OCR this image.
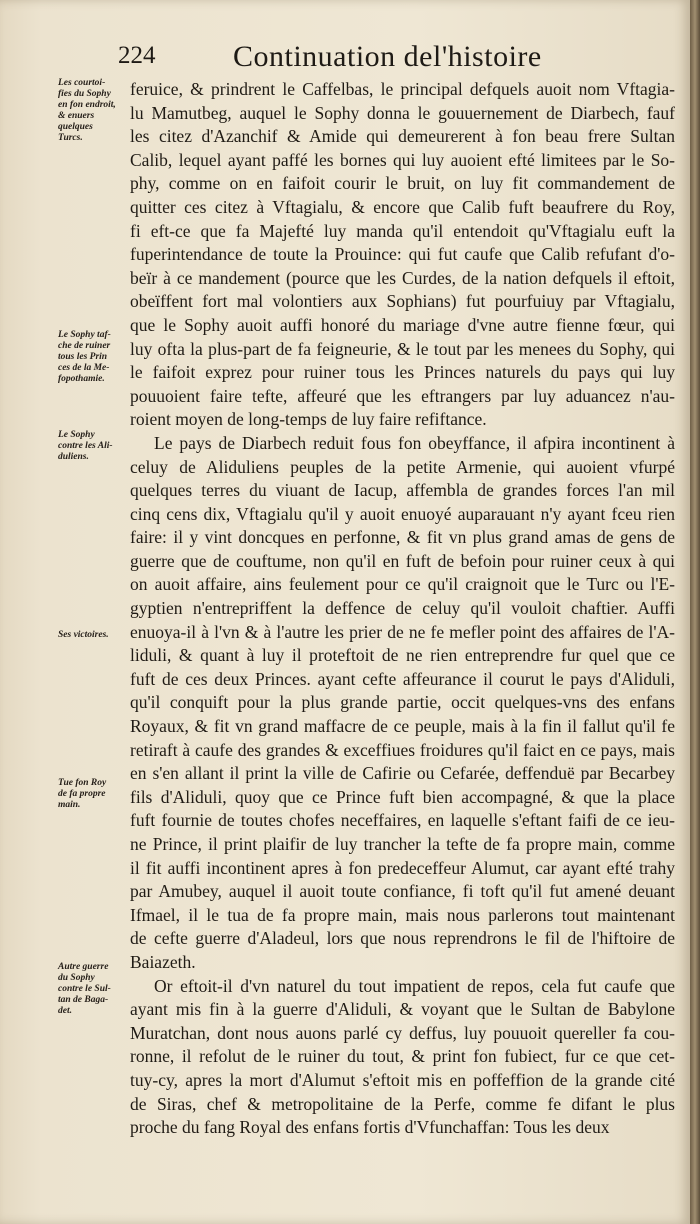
224	Continuation del'histoire
feruice, & prindrent le Caffelbas, le principal defquels auoit nom Vftagia-
lu Mamutbeg, auquel le Sophy donna le gouuernement de Diarbech, fauf
les citez d'Azanchif & Amide qui demeurerent à fon beau frere Sultan
Calib, lequel ayant paffé les bornes qui luy auoient efté limitees par le So-
phy, comme on en faifoit courir le bruit, on luy fit commandement de
quitter ces citez à Vftagialu, & encore que Calib fuft beaufrere du Roy,
fi eft-ce que fa Majefté luy manda qu'il entendoit qu'Vftagialu euft la
fuperintendance de toute la Prouince: qui fut caufe que Calib refufant d'o-
beïr à ce mandement (pource que les Curdes, de la nation defquels il eftoit,
obeïffent fort mal volontiers aux Sophians) fut pourfuiuy par Vftagialu,
que le Sophy auoit auffi honoré du mariage d'vne autre fienne fœur, qui
luy ofta la plus-part de fa feigneurie, & le tout par les menees du Sophy, qui
le faifoit exprez pour ruiner tous les Princes naturels du pays qui luy
pouuoient faire tefte, affeuré que les eftrangers par luy aduancez n'au-
roient moyen de long-temps de luy faire refiftance.
Le pays de Diarbech reduit fous fon obeyffance, il afpira incontinent à
celuy de Aliduliens peuples de la petite Armenie, qui auoient vfurpé
quelques terres du viuant de Iacup, affembla de grandes forces l'an mil
cinq cens dix, Vftagialu qu'il y auoit enuoyé auparauant n'y ayant fceu rien
faire: il y vint doncques en perfonne, & fit vn plus grand amas de gens de
guerre que de couftume, non qu'il en fuft de befoin pour ruiner ceux à qui
on auoit affaire, ains feulement pour ce qu'il craignoit que le Turc ou l'E-
gyptien n'entrepriffent la deffence de celuy qu'il vouloit chaftier. Auffi
enuoya-il à l'vn & à l'autre les prier de ne fe mefler point des affaires de l'A-
liduli, & quant à luy il proteftoit de ne rien entreprendre fur quel que ce
fuft de ces deux Princes. ayant cefte affeurance il courut le pays d'Aliduli,
qu'il conquift pour la plus grande partie, occit quelques-vns des enfans
Royaux, & fit vn grand maffacre de ce peuple, mais à la fin il fallut qu'il fe
retiraft à caufe des grandes & exceffiues froidures qu'il faict en ce pays, mais
en s'en allant il print la ville de Cafirie ou Cefarée, deffenduë par Becarbey
fils d'Aliduli, quoy que ce Prince fuft bien accompagné, & que la place
fuft fournie de toutes chofes neceffaires, en laquelle s'eftant faifi de ce ieu-
ne Prince, il print plaifir de luy trancher la tefte de fa propre main, comme
il fit auffi incontinent apres à fon predeceffeur Alumut, car ayant efté trahy
par Amubey, auquel il auoit toute confiance, fi toft qu'il fut amené deuant
Ifmael, il le tua de fa propre main, mais nous parlerons tout maintenant
de cefte guerre d'Aladeul, lors que nous reprendrons le fil de l'hiftoire de
Baiazeth.
Or eftoit-il d'vn naturel du tout impatient de repos, cela fut caufe que
ayant mis fin à la guerre d'Aliduli, & voyant que le Sultan de Babylone
Muratchan, dont nous auons parlé cy deffus, luy pouuoit quereller fa cou-
ronne, il refolut de le ruiner du tout, & print fon fubiect, fur ce que cet-
tuy-cy, apres la mort d'Alumut s'eftoit mis en poffeffion de la grande cité
de Siras, chef & metropolitaine de la Perfe, comme fe difant le plus
proche du fang Royal des enfans fortis d'Vfunchaffan: Tous les deux
Les courtoi-
fies du Sophy
en fon endroit,
& enuers
quelques
Turcs.
Le Sophy taf-
che de ruiner
tous les Prin
ces de la Me-
fopothamie.
Le Sophy
contre les Ali-
duliens.
Ses victoires.
Tue fon Roy
de fa propre
main.
Autre guerre
du Sophy
contre le Sul-
tan de Baga-
det.
